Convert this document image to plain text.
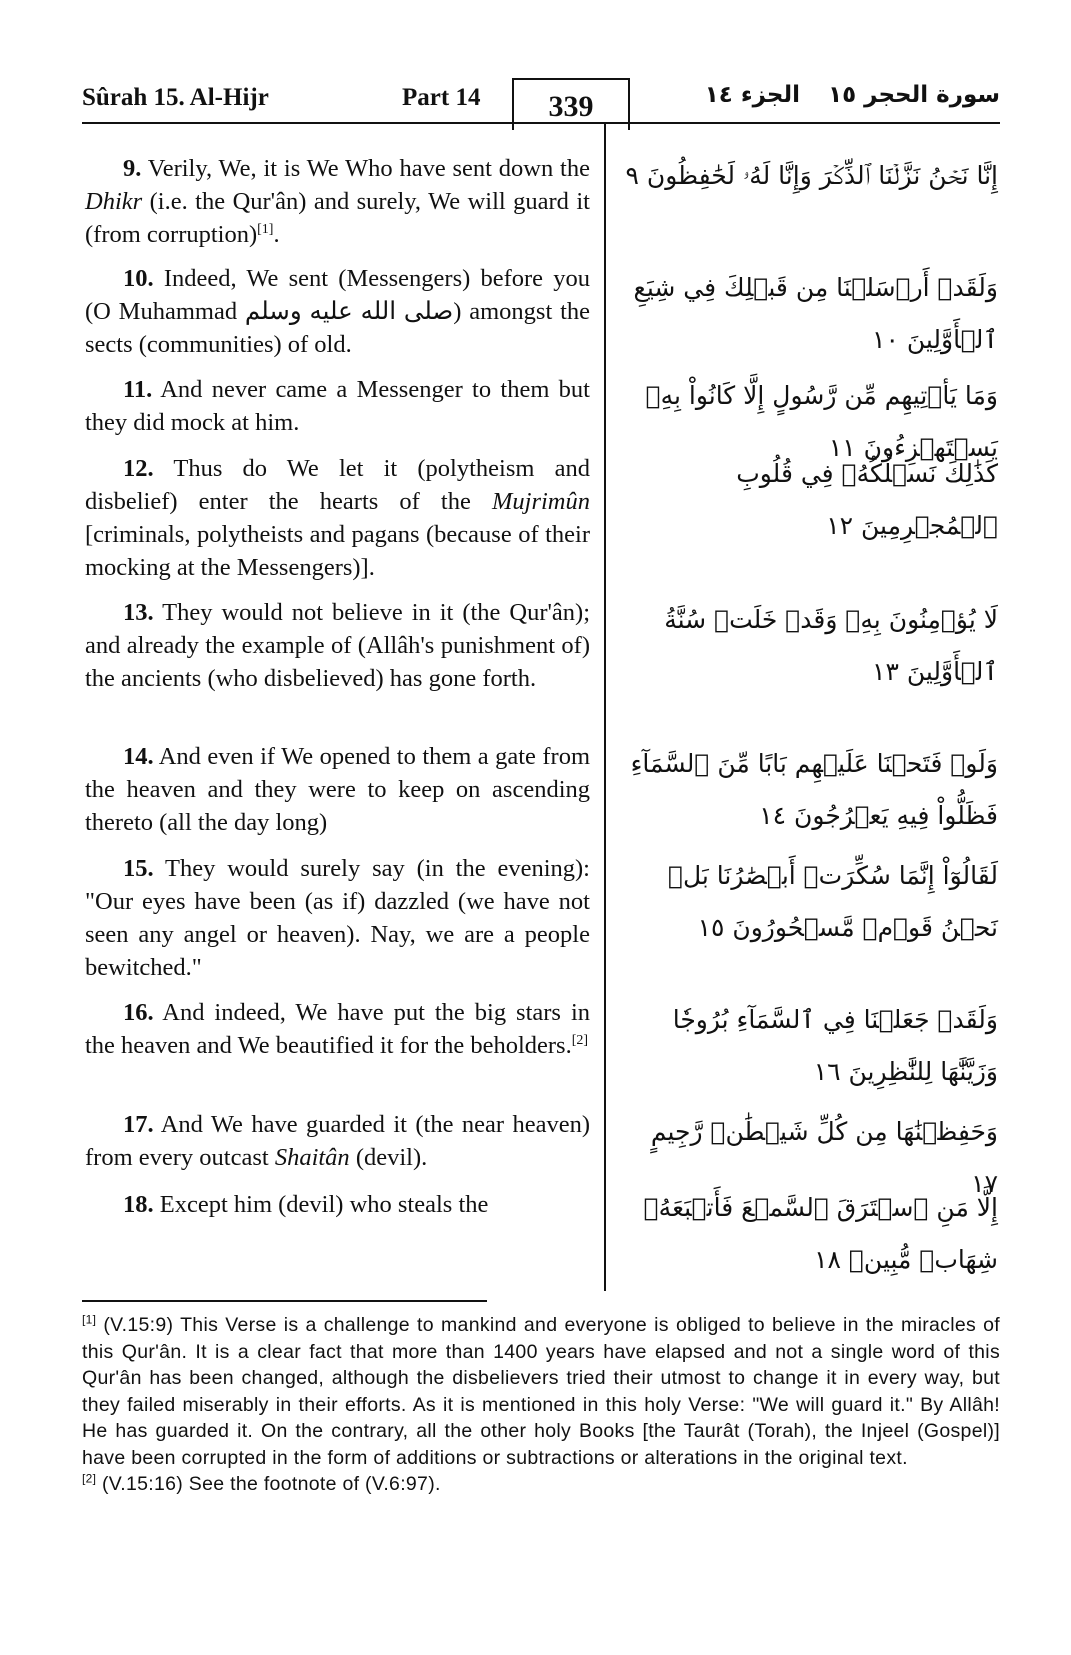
Sûrah 15. Al-Hijr	Part 14	339	الجزء ١٤ سورة الحجر ١٥
9. Verily, We, it is We Who have sent down the Dhikr (i.e. the Qur'ân) and surely, We will guard it (from corruption)[1].
إِنَّا نَحۡنُ نَزَّلۡنَا ٱلذِّكۡرَ وَإِنَّا لَهُۥ لَحَٰفِظُونَ ٩
10. Indeed, We sent (Messengers) before you (O Muhammad صلى الله عليه وسلم) amongst the sects (communities) of old.
وَلَقَدۡ أَرۡسَلۡنَا مِن قَبۡلِكَ فِي شِيَعِ ٱلۡأَوَّلِينَ ١٠
11. And never came a Messenger to them but they did mock at him.
وَمَا يَأۡتِيهِم مِّن رَّسُولٍ إِلَّا كَانُواْ بِهِۦ يَسۡتَهۡزِءُونَ ١١
12. Thus do We let it (polytheism and disbelief) enter the hearts of the Mujrimûn [criminals, polytheists and pagans (because of their mocking at the Messengers)].
كَذَٰلِكَ نَسۡلُكُهُۥ فِي قُلُوبِ ٱلۡمُجۡرِمِينَ ١٢
13. They would not believe in it (the Qur'ân); and already the example of (Allâh's punishment of) the ancients (who disbelieved) has gone forth.
لَا يُؤۡمِنُونَ بِهِۦ وَقَدۡ خَلَتۡ سُنَّةُ ٱلۡأَوَّلِينَ ١٣
14. And even if We opened to them a gate from the heaven and they were to keep on ascending thereto (all the day long)
وَلَوۡ فَتَحۡنَا عَلَيۡهِم بَابًا مِّنَ ٱلسَّمَآءِ فَظَلُّواْ فِيهِ يَعۡرُجُونَ ١٤
15. They would surely say (in the evening): "Our eyes have been (as if) dazzled (we have not seen any angel or heaven). Nay, we are a people bewitched."
لَقَالُوٓاْ إِنَّمَا سُكِّرَتۡ أَبۡصَٰرُنَا بَلۡ نَحۡنُ قَوۡمٞ مَّسۡحُورُونَ ١٥
16. And indeed, We have put the big stars in the heaven and We beautified it for the beholders.[2]
وَلَقَدۡ جَعَلۡنَا فِي ٱلسَّمَآءِ بُرُوجٗا وَزَيَّنَّٰهَا لِلنَّٰظِرِينَ ١٦
17. And We have guarded it (the near heaven) from every outcast Shaitân (devil).
وَحَفِظۡنَٰهَا مِن كُلِّ شَيۡطَٰنٖ رَّجِيمٍ ١٧
18. Except him (devil) who steals the	إِلَّا مَنِ ٱسۡتَرَقَ ٱلسَّمۡعَ فَأَتۡبَعَهُۥ شِهَابٞ مُّبِينٞ ١٨

[1] (V.15:9) This Verse is a challenge to mankind and everyone is obliged to believe in the miracles of this Qur'ân. It is a clear fact that more than 1400 years have elapsed and not a single word of this Qur'ân has been changed, although the disbelievers tried their utmost to change it in every way, but they failed miserably in their efforts. As it is mentioned in this holy Verse: "We will guard it." By Allâh! He has guarded it. On the contrary, all the other holy Books [the Taurât (Torah), the Injeel (Gospel)] have been corrupted in the form of additions or subtractions or alterations in the original text.

[2] (V.15:16) See the footnote of (V.6:97).
